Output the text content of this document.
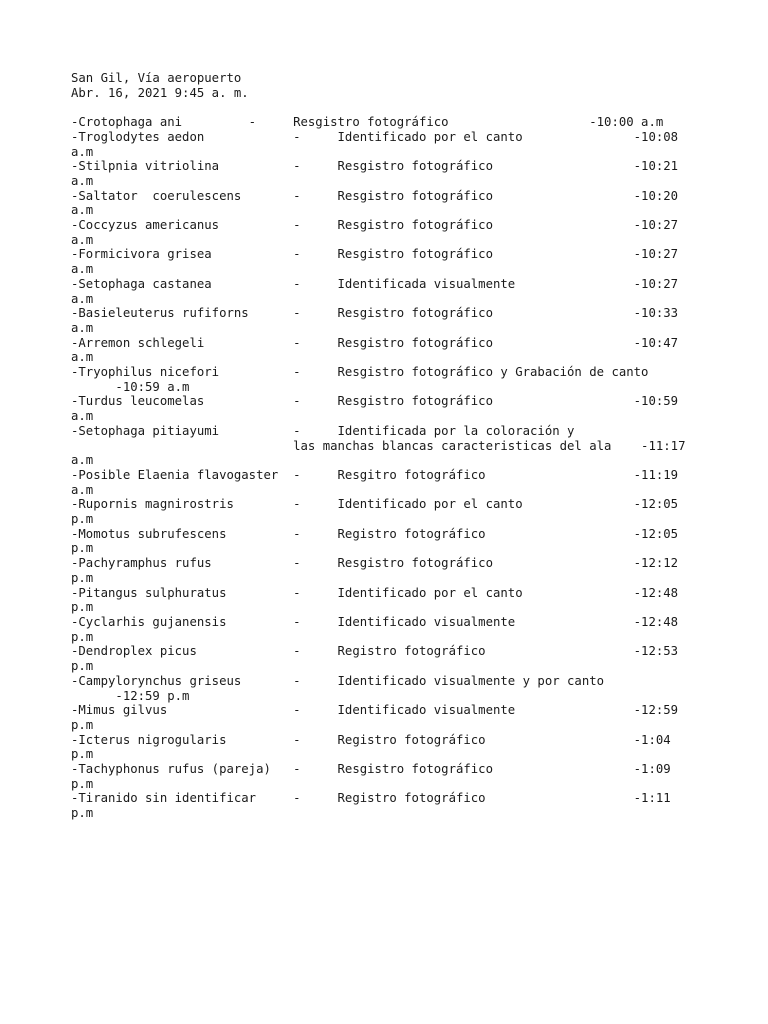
San Gil, Vía aeropuerto

Abr. 16, 2021 9:45 a. m.

-Crotophaga ani         -     Resgistro fotográfico                   -10:00 a.m

-Troglodytes aedon            -     Identificado por el canto               -10:08
a.m

-Stilpnia vitriolina          -     Resgistro fotográfico                   -10:21
a.m

-Saltator  coerulescens       -     Resgistro fotográfico                   -10:20
a.m

-Coccyzus americanus          -     Resgistro fotográfico                   -10:27
a.m

-Formicivora grisea           -     Resgistro fotográfico                   -10:27
a.m

-Setophaga castanea           -     Identificada visualmente                -10:27
a.m

-Basieleuterus rufiforns      -     Resgistro fotográfico                   -10:33
a.m

-Arremon schlegeli            -     Resgistro fotográfico                   -10:47
a.m

-Tryophilus nicefori          -     Resgistro fotográfico y Grabación de canto
-10:59 a.m

-Turdus leucomelas            -     Resgistro fotográfico                   -10:59
a.m

-Setophaga pitiayumi          -     Identificada por la coloración y
las manchas blancas caracteristicas del ala    -11:17
a.m

-Posible Elaenia flavogaster  -     Resgitro fotográfico                    -11:19
a.m

-Rupornis magnirostris        -     Identificado por el canto               -12:05
p.m

-Momotus subrufescens         -     Registro fotográfico                    -12:05
p.m

-Pachyramphus rufus           -     Resgistro fotográfico                   -12:12
p.m

-Pitangus sulphuratus         -     Identificado por el canto               -12:48
p.m

-Cyclarhis gujanensis         -     Identificado visualmente                -12:48
p.m

-Dendroplex picus             -     Registro fotográfico                    -12:53
p.m

-Campylorynchus griseus       -     Identificado visualmente y por canto
-12:59 p.m

-Mimus gilvus                 -     Identificado visualmente                -12:59
p.m

-Icterus nigrogularis         -     Registro fotográfico                    -1:04
p.m

-Tachyphonus rufus (pareja)   -     Resgistro fotográfico                   -1:09
p.m

-Tiranido sin identificar     -     Registro fotográfico                    -1:11
p.m
